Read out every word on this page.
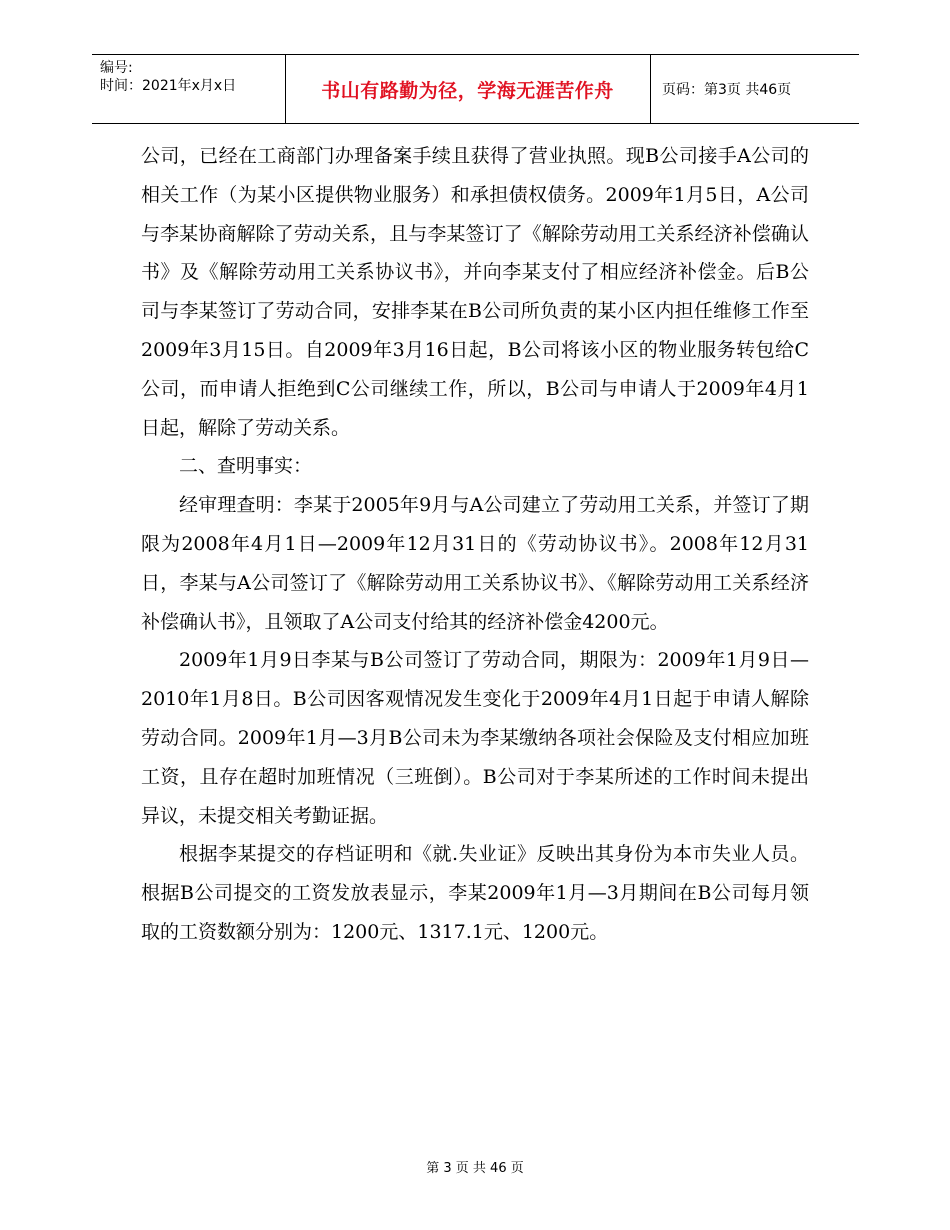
编号:
时间：2021年x月x日	书山有路勤为径，学海无涯苦作舟	页码：第3页 共46页

公司，已经在工商部门办理备案手续且获得了营业执照。现B公司接手A公司的相关工作（为某小区提供物业服务）和承担债权债务。2009年1月5日，A公司与李某协商解除了劳动关系，且与李某签订了《解除劳动用工关系经济补偿确认书》及《解除劳动用工关系协议书》，并向李某支付了相应经济补偿金。后B公司与李某签订了劳动合同，安排李某在B公司所负责的某小区内担任维修工作至2009年3月15日。自2009年3月16日起，B公司将该小区的物业服务转包给C公司，而申请人拒绝到C公司继续工作，所以，B公司与申请人于2009年4月1日起，解除了劳动关系。

二、查明事实：

经审理查明：李某于2005年9月与A公司建立了劳动用工关系，并签订了期限为2008年4月1日—2009年12月31日的《劳动协议书》。2008年12月31日，李某与A公司签订了《解除劳动用工关系协议书》、《解除劳动用工关系经济补偿确认书》，且领取了A公司支付给其的经济补偿金4200元。

2009年1月9日李某与B公司签订了劳动合同，期限为：2009年1月9日—2010年1月8日。B公司因客观情况发生变化于2009年4月1日起于申请人解除劳动合同。2009年1月—3月B公司未为李某缴纳各项社会保险及支付相应加班工资，且存在超时加班情况（三班倒）。B公司对于李某所述的工作时间未提出异议，未提交相关考勤证据。

根据李某提交的存档证明和《就.失业证》反映出其身份为本市失业人员。根据B公司提交的工资发放表显示，李某2009年1月—3月期间在B公司每月领取的工资数额分别为：1200元、1317.1元、1200元。

第 3 页 共 46 页
